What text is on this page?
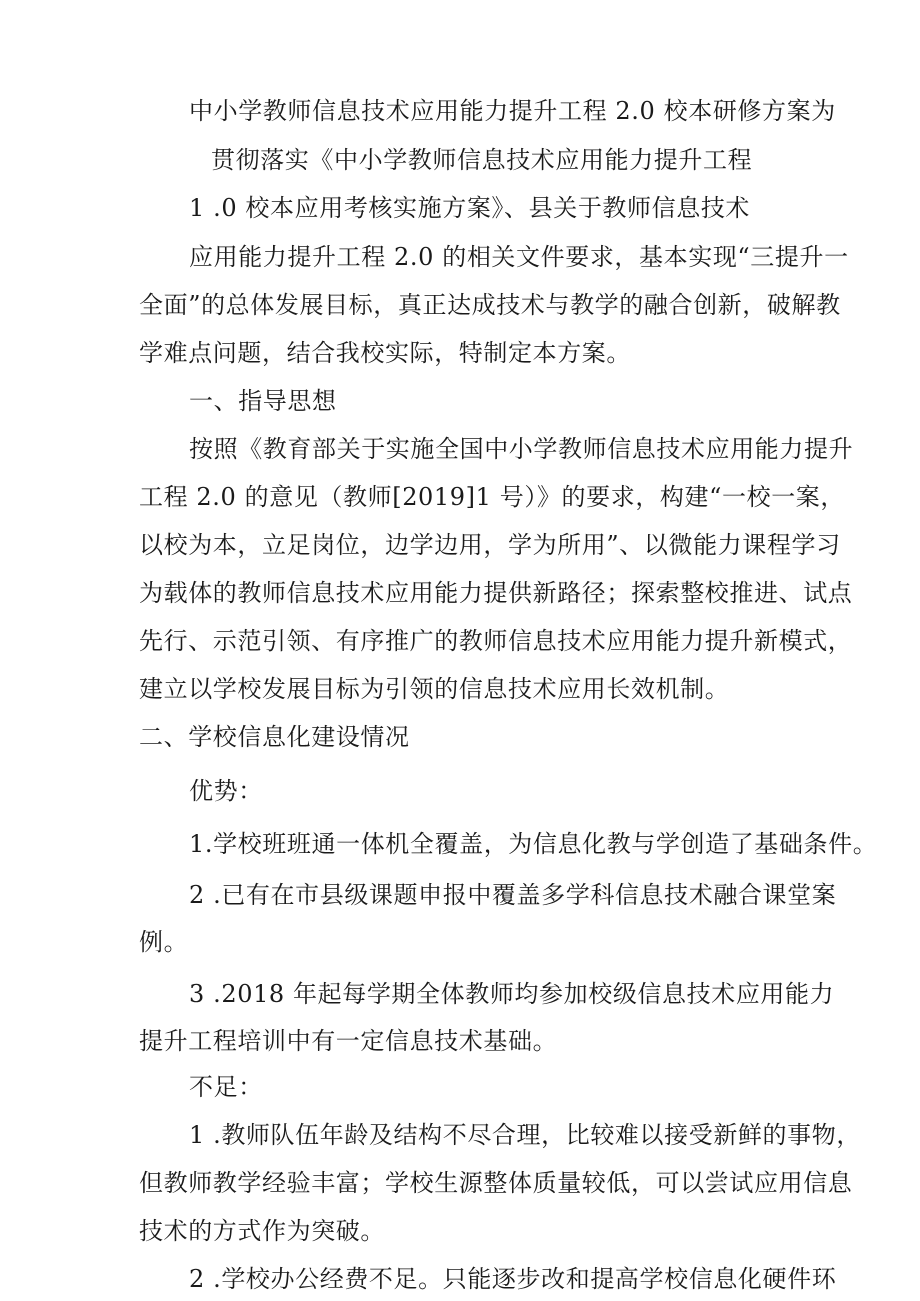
中小学教师信息技术应用能力提升工程 2.0 校本研修方案为
贯彻落实《中小学教师信息技术应用能力提升工程
1 .0 校本应用考核实施方案》、县关于教师信息技术
应用能力提升工程 2.0 的相关文件要求，基本实现“三提升一
全面”的总体发展目标，真正达成技术与教学的融合创新，破解教
学难点问题，结合我校实际，特制定本方案。
一、指导思想
按照《教育部关于实施全国中小学教师信息技术应用能力提升
工程 2.0 的意见（教师[2019]1 号）》的要求，构建“一校一案，
以校为本，立足岗位，边学边用，学为所用”、以微能力课程学习
为载体的教师信息技术应用能力提供新路径；探索整校推进、试点
先行、示范引领、有序推广的教师信息技术应用能力提升新模式，
建立以学校发展目标为引领的信息技术应用长效机制。
二、学校信息化建设情况
优势：
1.学校班班通一体机全覆盖，为信息化教与学创造了基础条件。
2 .已有在市县级课题申报中覆盖多学科信息技术融合课堂案
例。
3 .2018 年起每学期全体教师均参加校级信息技术应用能力
提升工程培训中有一定信息技术基础。
不足：
1 .教师队伍年龄及结构不尽合理，比较难以接受新鲜的事物，
但教师教学经验丰富；学校生源整体质量较低，可以尝试应用信息
技术的方式作为突破。
2 .学校办公经费不足。只能逐步改和提高学校信息化硬件环
